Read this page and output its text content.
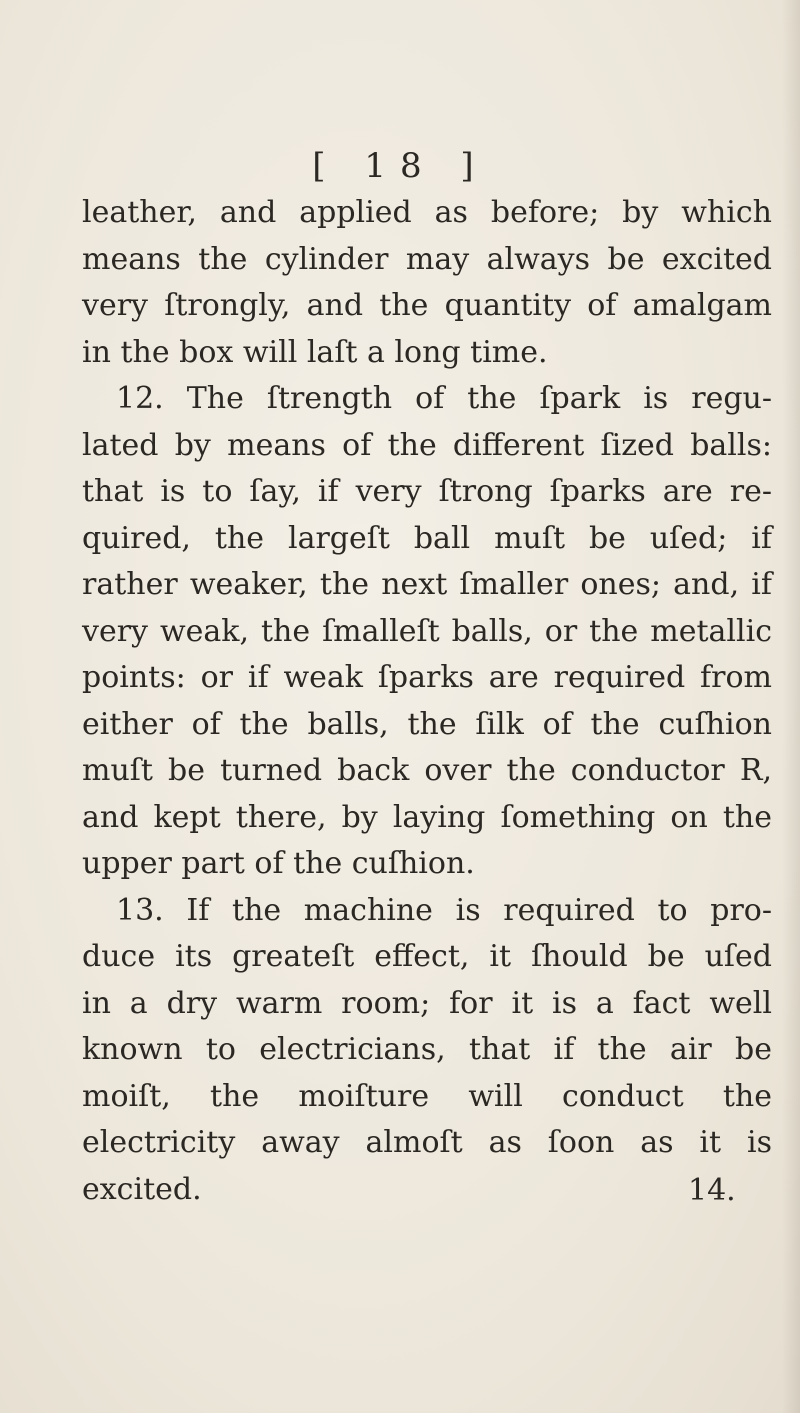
[ 18 ]
leather, and applied as before; by which
means the cylinder may always be excited
very ſtrongly, and the quantity of amalgam
in the box will laſt a long time.
12. The ſtrength of the ſpark is regu-
lated by means of the different ſized balls:
that is to ſay, if very ſtrong ſparks are re-
quired, the largeſt ball muſt be uſed; if
rather weaker, the next ſmaller ones; and, if
very weak, the ſmalleſt balls, or the metallic
points: or if weak ſparks are required from
either of the balls, the ſilk of the cuſhion
muſt be turned back over the conductor R,
and kept there, by laying ſomething on the
upper part of the cuſhion.
13. If the machine is required to pro-
duce its greateſt effect, it ſhould be uſed
in a dry warm room; for it is a fact well
known to electricians, that if the air be
moiſt, the moiſture will conduct the
electricity away almoſt as ſoon as it is
excited.	14.
